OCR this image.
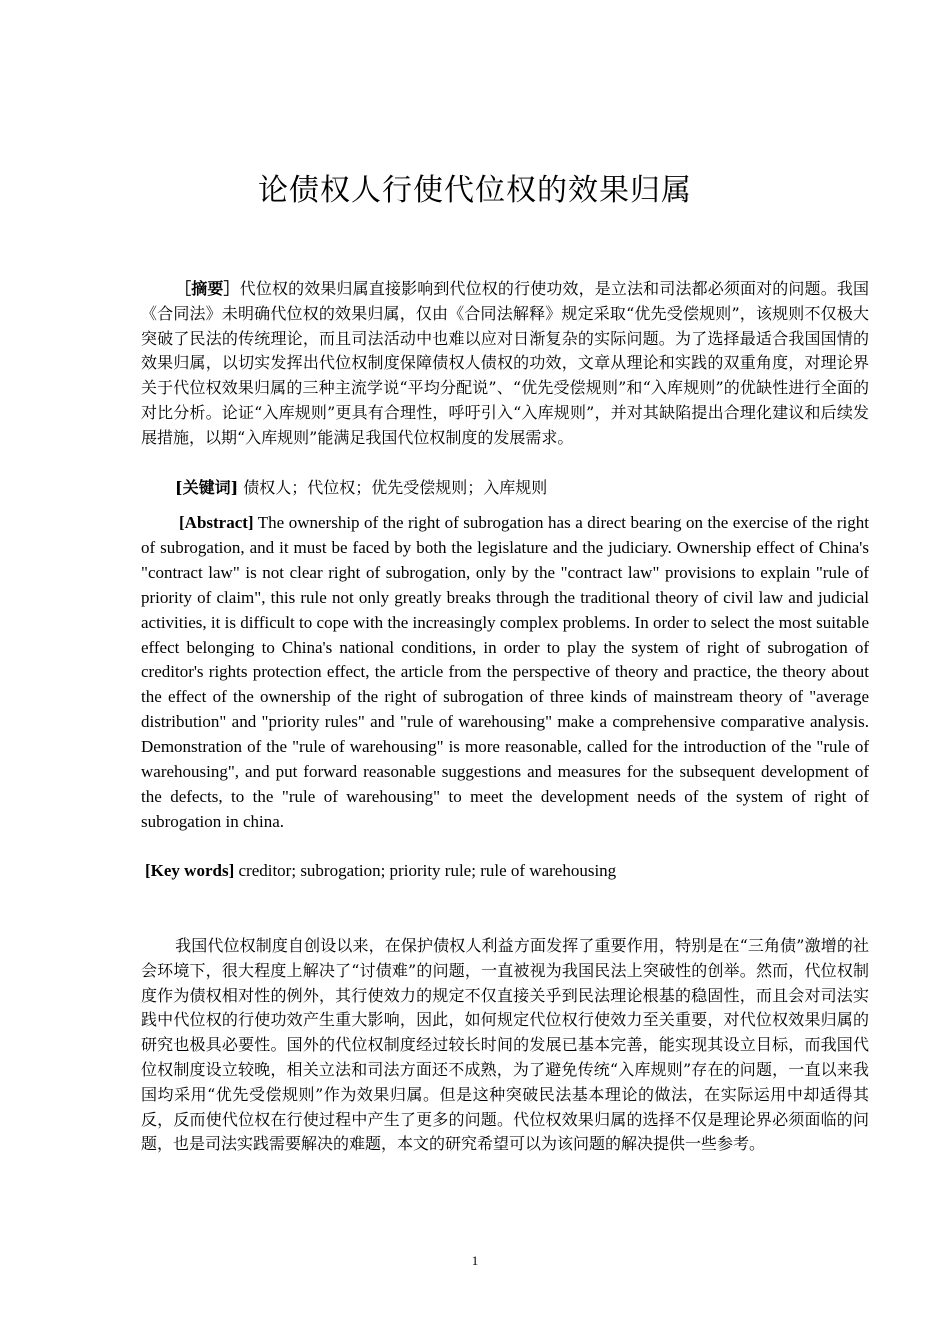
论债权人行使代位权的效果归属

［摘要］代位权的效果归属直接影响到代位权的行使功效，是立法和司法都必须面对的问题。我国《合同法》未明确代位权的效果归属，仅由《合同法解释》规定采取“优先受偿规则”，该规则不仅极大突破了民法的传统理论，而且司法活动中也难以应对日渐复杂的实际问题。为了选择最适合我国国情的效果归属，以切实发挥出代位权制度保障债权人债权的功效，文章从理论和实践的双重角度，对理论界关于代位权效果归属的三种主流学说“平均分配说”、“优先受偿规则”和“入库规则”的优缺性进行全面的对比分析。论证“入库规则”更具有合理性，呼吁引入“入库规则”，并对其缺陷提出合理化建议和后续发展措施，以期“入库规则”能满足我国代位权制度的发展需求。

[关键词] 债权人；代位权；优先受偿规则；入库规则

[Abstract] The ownership of the right of subrogation has a direct bearing on the exercise of the right of subrogation, and it must be faced by both the legislature and the judiciary. Ownership effect of China's "contract law" is not clear right of subrogation, only by the "contract law" provisions to explain "rule of priority of claim", this rule not only greatly breaks through the traditional theory of civil law and judicial activities, it is difficult to cope with the increasingly complex problems. In order to select the most suitable effect belonging to China's national conditions, in order to play the system of right of subrogation of creditor's rights protection effect, the article from the perspective of theory and practice, the theory about the effect of the ownership of the right of subrogation of three kinds of mainstream theory of "average distribution" and "priority rules" and "rule of warehousing" make a comprehensive comparative analysis. Demonstration of the "rule of warehousing" is more reasonable, called for the introduction of the "rule of warehousing", and put forward reasonable suggestions and measures for the subsequent development of the defects, to the "rule of warehousing" to meet the development needs of the system of right of subrogation in china.

[Key words] creditor; subrogation; priority rule; rule of warehousing

我国代位权制度自创设以来，在保护债权人利益方面发挥了重要作用，特别是在“三角债”激增的社会环境下，很大程度上解决了“讨债难”的问题，一直被视为我国民法上突破性的创举。然而，代位权制度作为债权相对性的例外，其行使效力的规定不仅直接关乎到民法理论根基的稳固性，而且会对司法实践中代位权的行使功效产生重大影响，因此，如何规定代位权行使效力至关重要，对代位权效果归属的研究也极具必要性。国外的代位权制度经过较长时间的发展已基本完善，能实现其设立目标，而我国代位权制度设立较晚，相关立法和司法方面还不成熟，为了避免传统“入库规则”存在的问题，一直以来我国均采用“优先受偿规则”作为效果归属。但是这种突破民法基本理论的做法，在实际运用中却适得其反，反而使代位权在行使过程中产生了更多的问题。代位权效果归属的选择不仅是理论界必须面临的问题，也是司法实践需要解决的难题，本文的研究希望可以为该问题的解决提供一些参考。

1
